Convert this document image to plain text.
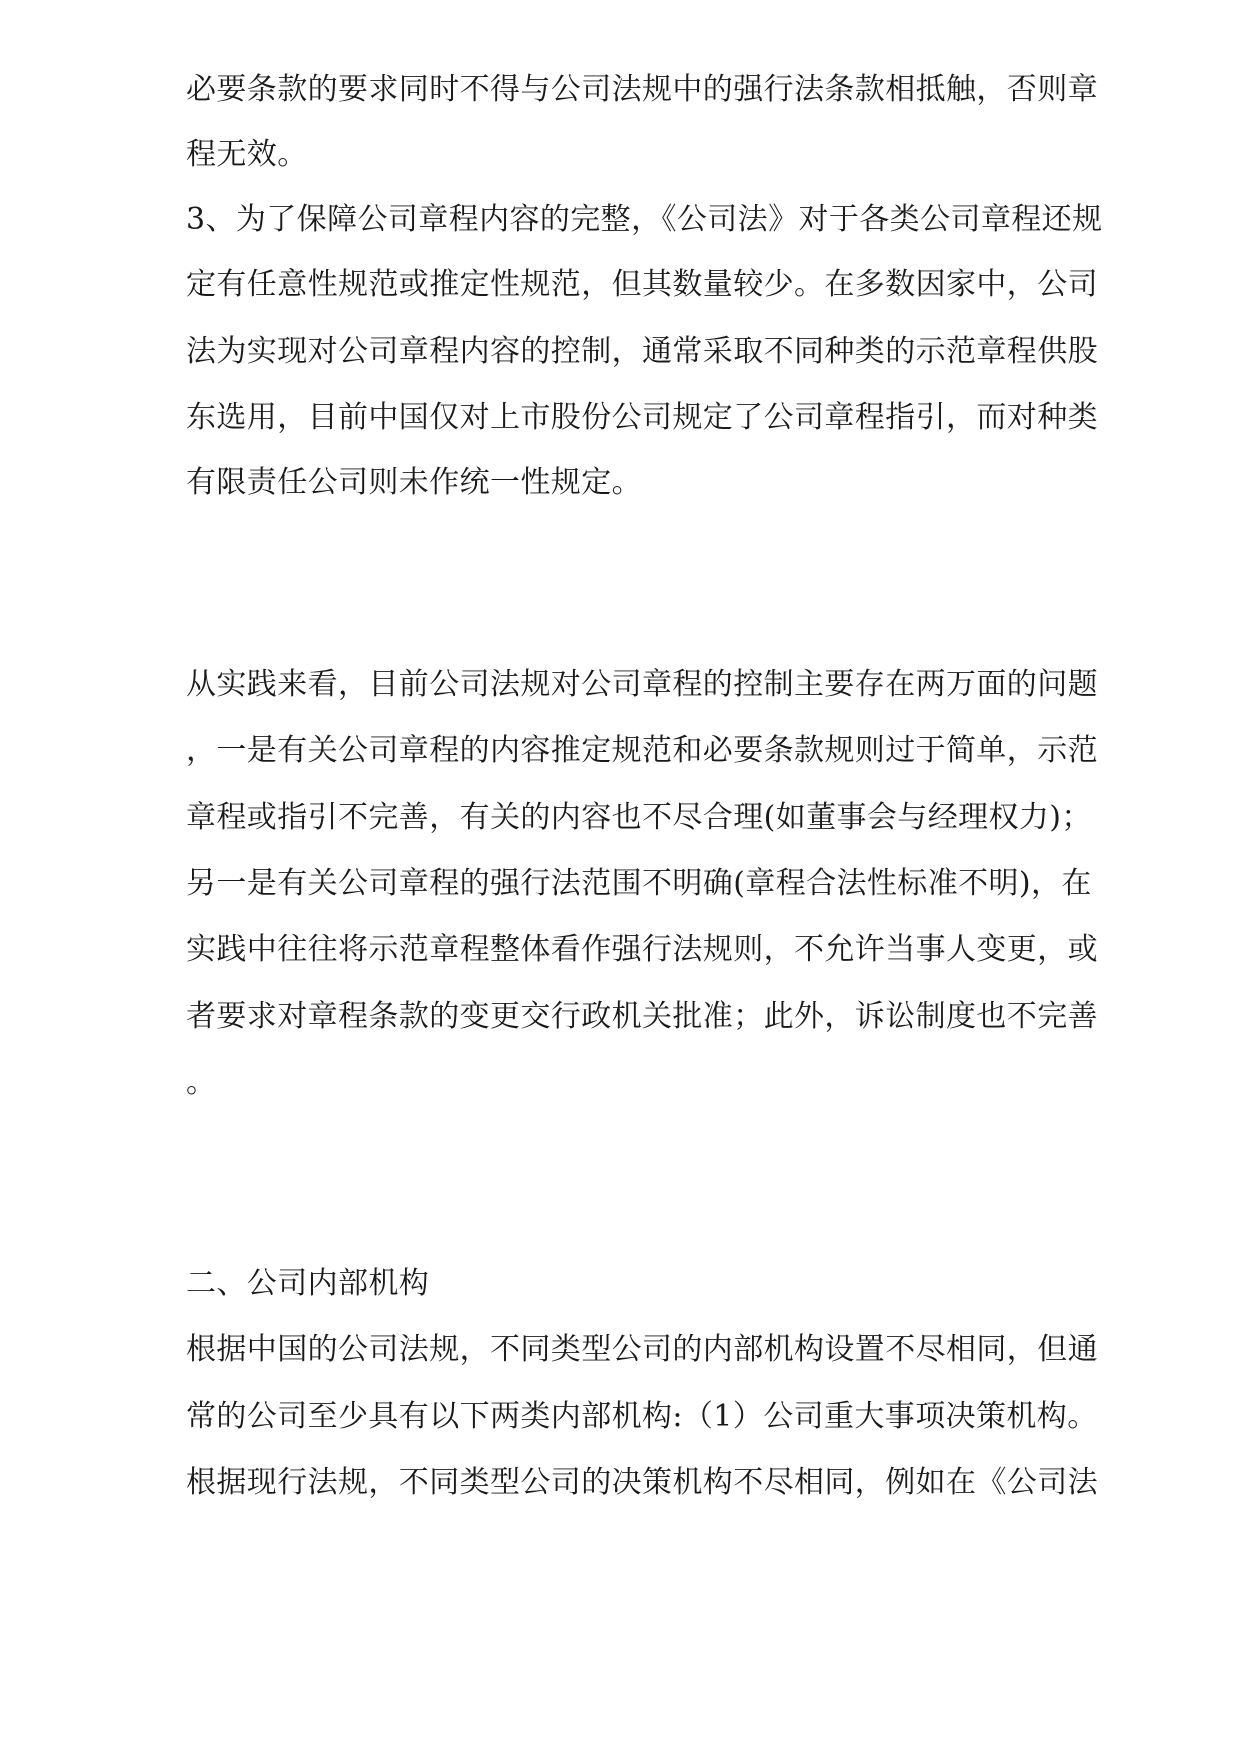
必要条款的要求同时不得与公司法规中的强行法条款相抵触，否则章

程无效。

3、为了保障公司章程内容的完整，《公司法》对于各类公司章程还规

定有任意性规范或推定性规范，但其数量较少。在多数因家中，公司

法为实现对公司章程内容的控制，通常采取不同种类的示范章程供股

东选用，目前中国仅对上市股份公司规定了公司章程指引，而对种类

有限责任公司则未作统一性规定。

从实践来看，目前公司法规对公司章程的控制主要存在两万面的问题

，一是有关公司章程的内容推定规范和必要条款规则过于简单，示范

章程或指引不完善，有关的内容也不尽合理(如董事会与经理权力)；

另一是有关公司章程的强行法范围不明确(章程合法性标准不明)，在

实践中往往将示范章程整体看作强行法规则，不允许当事人变更，或

者要求对章程条款的变更交行政机关批准；此外，诉讼制度也不完善

。

二、公司内部机构

根据中国的公司法规，不同类型公司的内部机构设置不尽相同，但通

常的公司至少具有以下两类内部机构:（1）公司重大事项决策机构。

根据现行法规，不同类型公司的决策机构不尽相同，例如在《公司法
